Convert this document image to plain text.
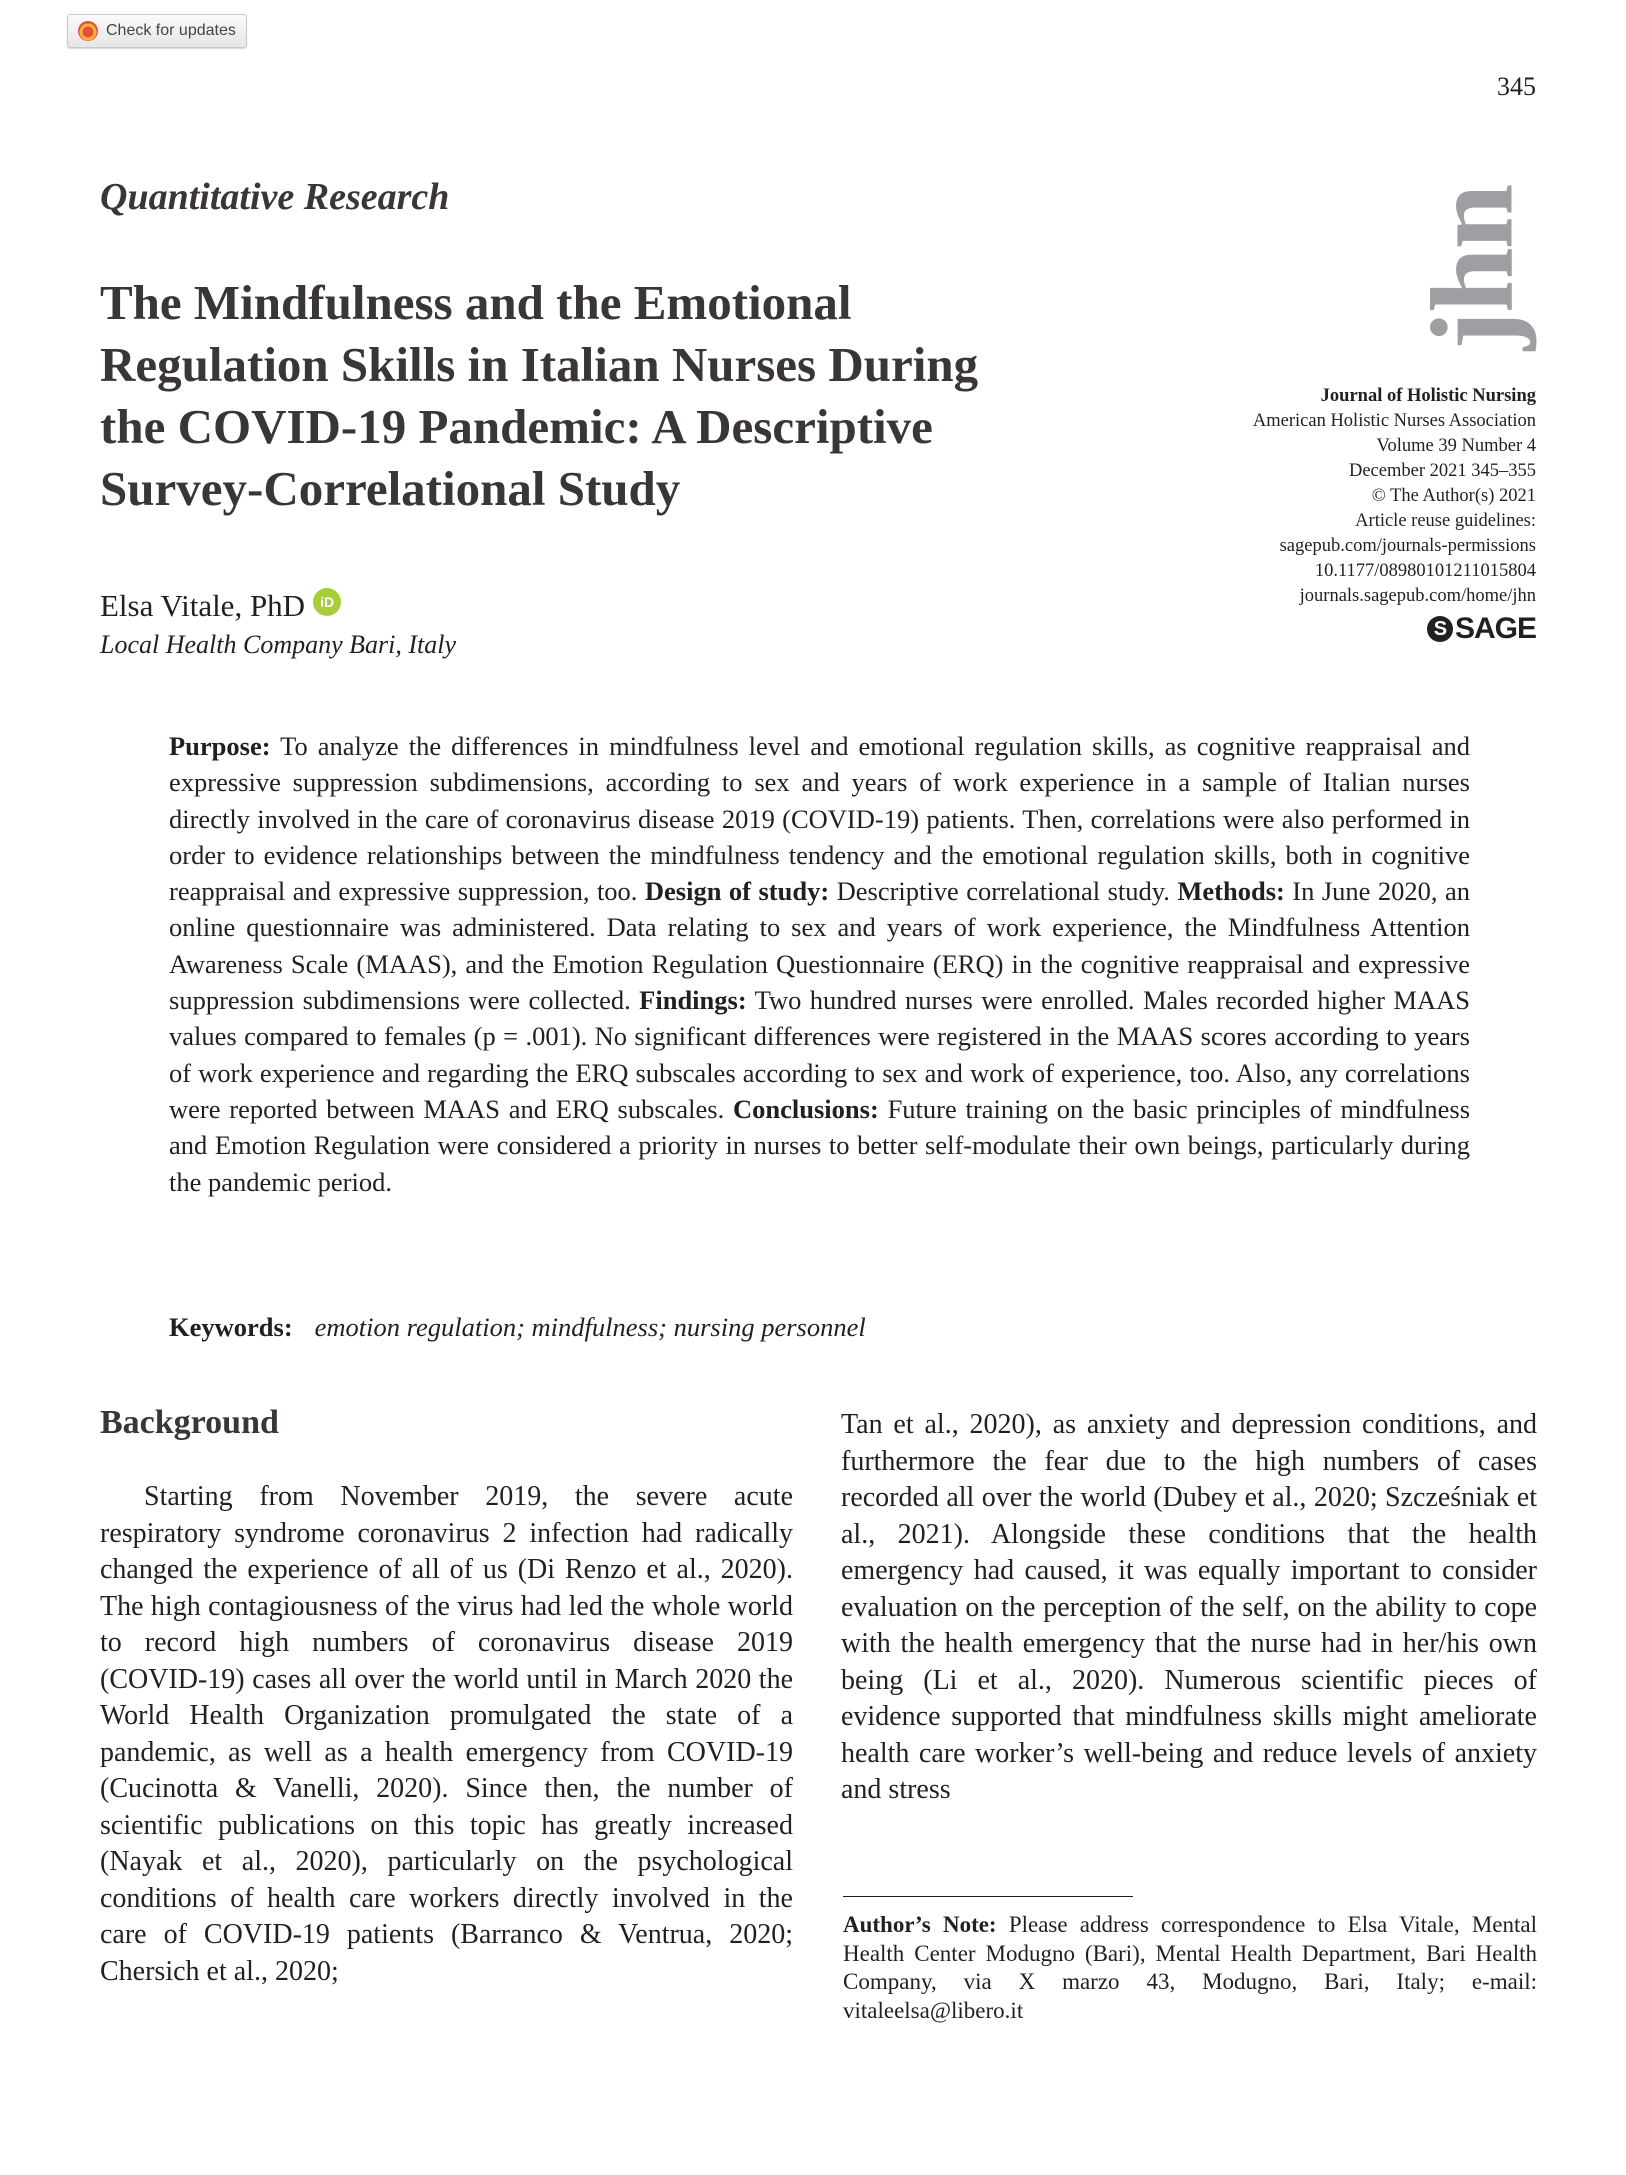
Check for updates
345
Quantitative Research
The Mindfulness and the Emotional Regulation Skills in Italian Nurses During the COVID-19 Pandemic: A Descriptive Survey-Correlational Study
Elsa Vitale, PhD	iD
Local Health Company Bari, Italy
jhn
Journal of Holistic Nursing
American Holistic Nurses Association
Volume 39 Number 4
December 2021 345–355
© The Author(s) 2021
Article reuse guidelines:
sagepub.com/journals-permissions
10.1177/08980101211015804
journals.sagepub.com/home/jhn
S SAGE

Purpose: To analyze the differences in mindfulness level and emotional regulation skills, as cognitive reappraisal and expressive suppression subdimensions, according to sex and years of work experience in a sample of Italian nurses directly involved in the care of coronavirus disease 2019 (COVID-19) patients. Then, correlations were also performed in order to evidence relationships between the mindfulness tendency and the emotional regulation skills, both in cognitive reappraisal and expressive suppression, too. Design of study: Descriptive correlational study. Methods: In June 2020, an online questionnaire was administered. Data relating to sex and years of work experience, the Mindfulness Attention Awareness Scale (MAAS), and the Emotion Regulation Questionnaire (ERQ) in the cognitive reappraisal and expressive suppression subdimensions were collected. Findings: Two hundred nurses were enrolled. Males recorded higher MAAS values compared to females (p = .001). No significant differences were registered in the MAAS scores according to years of work experience and regarding the ERQ subscales according to sex and work of experience, too. Also, any correlations were reported between MAAS and ERQ subscales. Conclusions: Future training on the basic principles of mindfulness and Emotion Regulation were considered a priority in nurses to better self-modulate their own beings, particularly during the pandemic period.

Keywords: emotion regulation; mindfulness; nursing personnel
Background

Starting from November 2019, the severe acute respiratory syndrome coronavirus 2 infection had radically changed the experience of all of us (Di Renzo et al., 2020). The high contagiousness of the virus had led the whole world to record high numbers of coronavirus disease 2019 (COVID-19) cases all over the world until in March 2020 the World Health Organization promulgated the state of a pandemic, as well as a health emergency from COVID-19 (Cucinotta & Vanelli, 2020). Since then, the number of scientific publications on this topic has greatly increased (Nayak et al., 2020), particularly on the psychological conditions of health care workers directly involved in the care of COVID-19 patients (Barranco & Ventrua, 2020; Chersich et al., 2020;

Tan et al., 2020), as anxiety and depression conditions, and furthermore the fear due to the high numbers of cases recorded all over the world (Dubey et al., 2020; Szcześniak et al., 2021). Alongside these conditions that the health emergency had caused, it was equally important to consider evaluation on the perception of the self, on the ability to cope with the health emergency that the nurse had in her/his own being (Li et al., 2020). Numerous scientific pieces of evidence supported that mindfulness skills might ameliorate health care worker’s well-being and reduce levels of anxiety and stress

Author’s Note: Please address correspondence to Elsa Vitale, Mental Health Center Modugno (Bari), Mental Health Department, Bari Health Company, via X marzo 43, Modugno, Bari, Italy; e-mail: vitaleelsa@libero.it
